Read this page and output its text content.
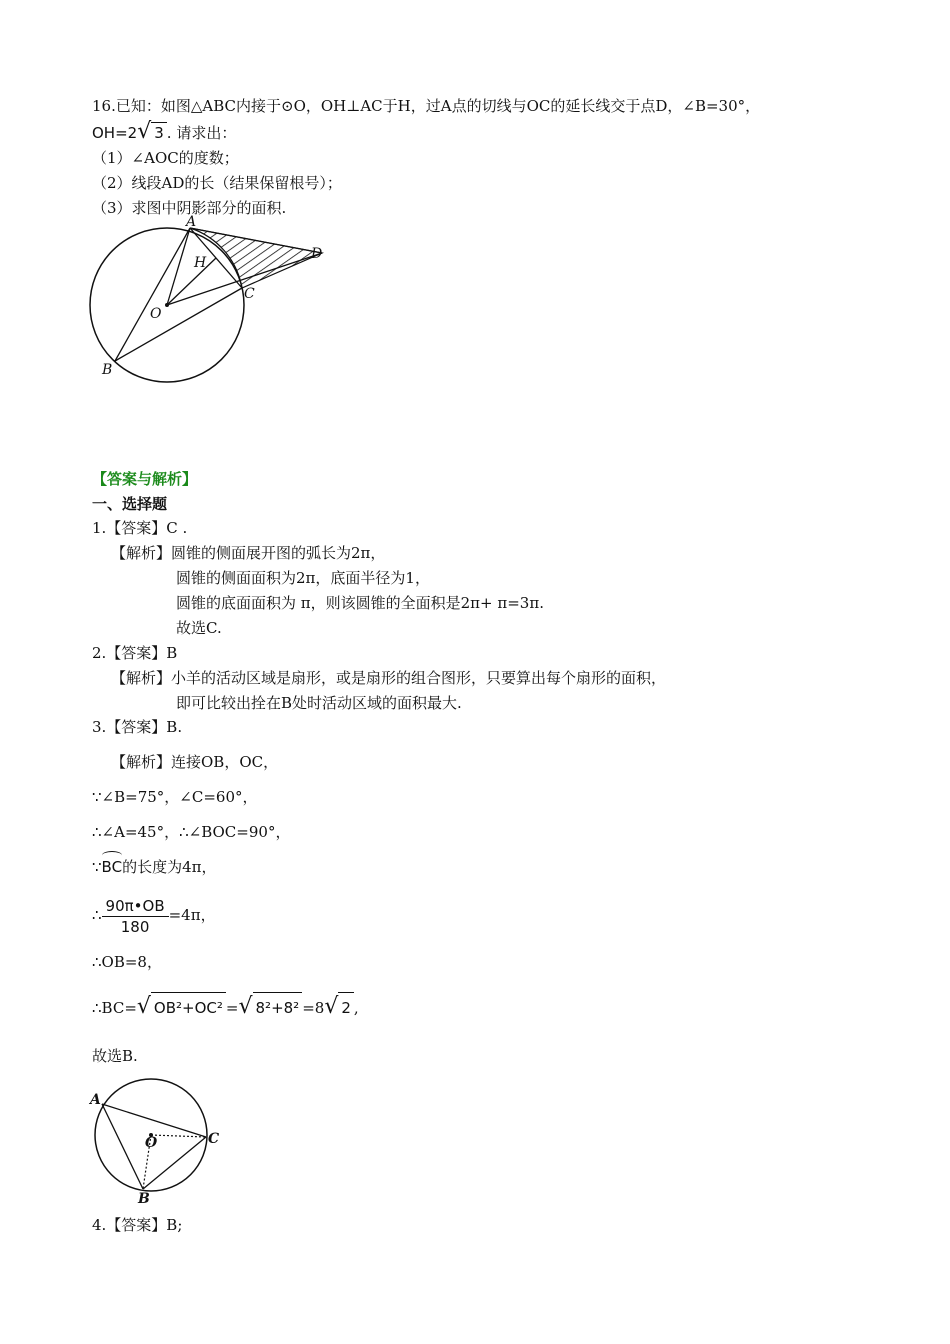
16.已知：如图△ABC内接于⊙O，OH⊥AC于H，过A点的切线与OC的延长线交于点D，∠B=30°，
OH=2√ 3 . 请求出：
（1）∠AOC的度数；
（2）线段AD的长（结果保留根号）；
（3）求图中阴影部分的面积.
A
H
D
C
O
B
【答案与解析】
一、选择题
1.【答案】C .
【解析】圆锥的侧面展开图的弧长为2π，
圆锥的侧面面积为2π，底面半径为1，
圆锥的底面面积为 π，则该圆锥的全面积是2π+ π=3π.
故选C.
2.【答案】B
【解析】小羊的活动区域是扇形，或是扇形的组合图形，只要算出每个扇形的面积，
即可比较出拴在B处时活动区域的面积最大.
3.【答案】B.
【解析】连接OB，OC，
∵∠B=75°，∠C=60°，
∴∠A=45°，∴∠BOC=90°，
∵
BC的长度为4π，
∴ $\frac{90\pi•OB}{180} =4\pi$，
∴OB=8，
∴BC=√ OB²+OC² =√ 8²+8² =8√ 2 ,
故选B.
A
O	C
B
4.【答案】B;
